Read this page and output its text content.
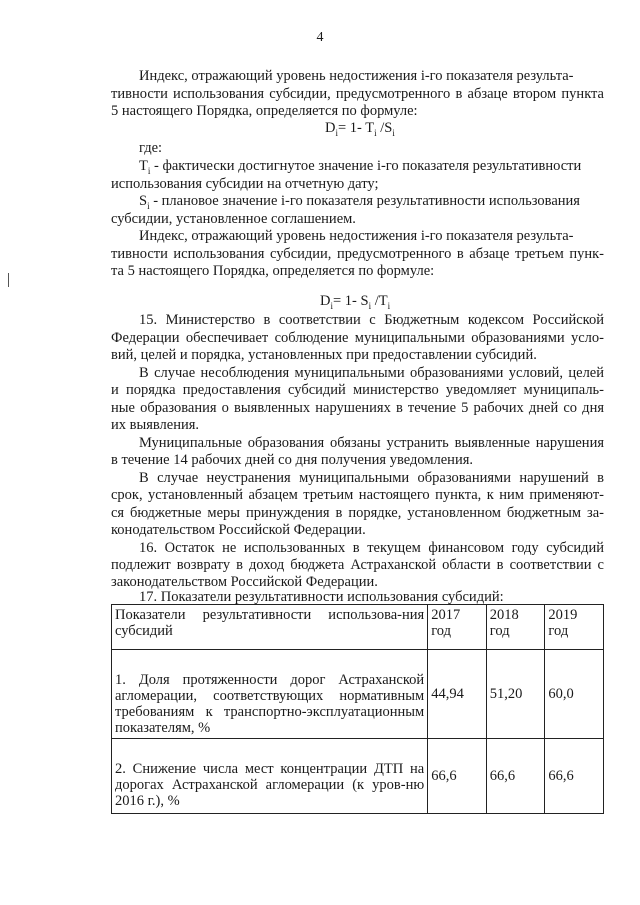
4
Индекс, отражающий уровень недостижения i-го показателя результа-
тивности использования субсидии, предусмотренного в абзаце втором пункта
5 настоящего Порядка, определяется по формуле:
$D_i= 1-$ $T_i$ $/S_i$
где:
$T_i$ - фактически достигнутое значение i-го показателя результативности
использования субсидии на отчетную дату;
$S_i$ - плановое значение i-го показателя результативности использования
субсидии, установленное соглашением.
Индекс, отражающий уровень недостижения i-го показателя результа-
тивности использования субсидии, предусмотренного в абзаце третьем пунк-
та 5 настоящего Порядка, определяется по формуле:
$D_i= 1-$ $S_i$ $/T_i$
15. Министерство в соответствии с Бюджетным кодексом Российской
Федерации обеспечивает соблюдение муниципальными образованиями усло-
вий, целей и порядка, установленных при предоставлении субсидий.
В случае несоблюдения муниципальными образованиями условий, целей
и порядка предоставления субсидий министерство уведомляет муниципаль-
ные образования о выявленных нарушениях в течение 5 рабочих дней со дня
их выявления.
Муниципальные образования обязаны устранить выявленные нарушения
в течение 14 рабочих дней со дня получения уведомления.
В случае неустранения муниципальными образованиями нарушений в
срок, установленный абзацем третьим настоящего пункта, к ним применяют-
ся бюджетные меры принуждения в порядке, установленном бюджетным за-
конодательством Российской Федерации.
16. Остаток не использованных в текущем финансовом году субсидий
подлежит возврату в доход бюджета Астраханской области в соответствии с
законодательством Российской Федерации.
17. Показатели результативности использования субсидий:
Показатели результативности использова-ния субсидий	2017 год	2018 год	2019 год

1. Доля протяженности дорог Астраханской агломерации, соответствующих нормативным требованиям к транспортно-эксплуатационным показателям, %	44,94	51,20	60,0

2. Снижение числа мест концентрации ДТП на дорогах Астраханской агломерации (к уров-ню 2016 г.), %	66,6	66,6	66,6
